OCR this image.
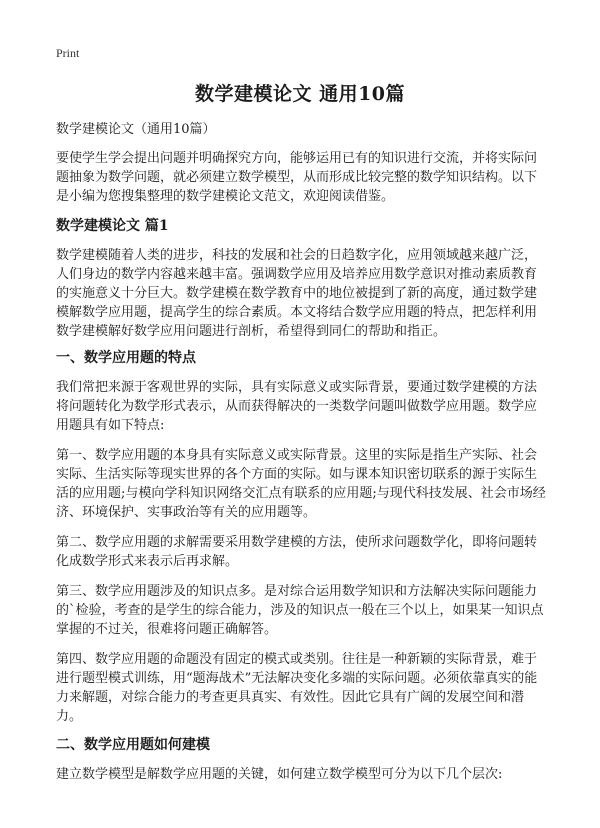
Print
数学建模论文 通用10篇
数学建模论文（通用10篇）
要使学生学会提出问题并明确探究方向，能够运用已有的知识进行交流，并将实际问题抽象为数学问题，就必须建立数学模型，从而形成比较完整的数学知识结构。以下是小编为您搜集整理的数学建模论文范文，欢迎阅读借鉴。
数学建模论文 篇1
数学建模随着人类的进步，科技的发展和社会的日趋数字化，应用领域越来越广泛，人们身边的数学内容越来越丰富。强调数学应用及培养应用数学意识对推动素质教育的实施意义十分巨大。数学建模在数学教育中的地位被提到了新的高度，通过数学建模解数学应用题，提高学生的综合素质。本文将结合数学应用题的特点，把怎样利用数学建模解好数学应用问题进行剖析，希望得到同仁的帮助和指正。
一、数学应用题的特点
我们常把来源于客观世界的实际，具有实际意义或实际背景，要通过数学建模的方法将问题转化为数学形式表示，从而获得解决的一类数学问题叫做数学应用题。数学应用题具有如下特点:
第一、数学应用题的本身具有实际意义或实际背景。这里的实际是指生产实际、社会实际、生活实际等现实世界的各个方面的实际。如与课本知识密切联系的源于实际生活的应用题;与模向学科知识网络交汇点有联系的应用题;与现代科技发展、社会市场经济、环境保护、实事政治等有关的应用题等。
第二、数学应用题的求解需要采用数学建模的方法，使所求问题数学化，即将问题转化成数学形式来表示后再求解。
第三、数学应用题涉及的知识点多。是对综合运用数学知识和方法解决实际问题能力的`检验，考查的是学生的综合能力，涉及的知识点一般在三个以上，如果某一知识点掌握的不过关，很难将问题正确解答。
第四、数学应用题的命题没有固定的模式或类别。往往是一种新颖的实际背景，难于进行题型模式训练，用“题海战术”无法解决变化多端的实际问题。必须依靠真实的能力来解题，对综合能力的考查更具真实、有效性。因此它具有广阔的发展空间和潜力。
二、数学应用题如何建模
建立数学模型是解数学应用题的关键，如何建立数学模型可分为以下几个层次:
